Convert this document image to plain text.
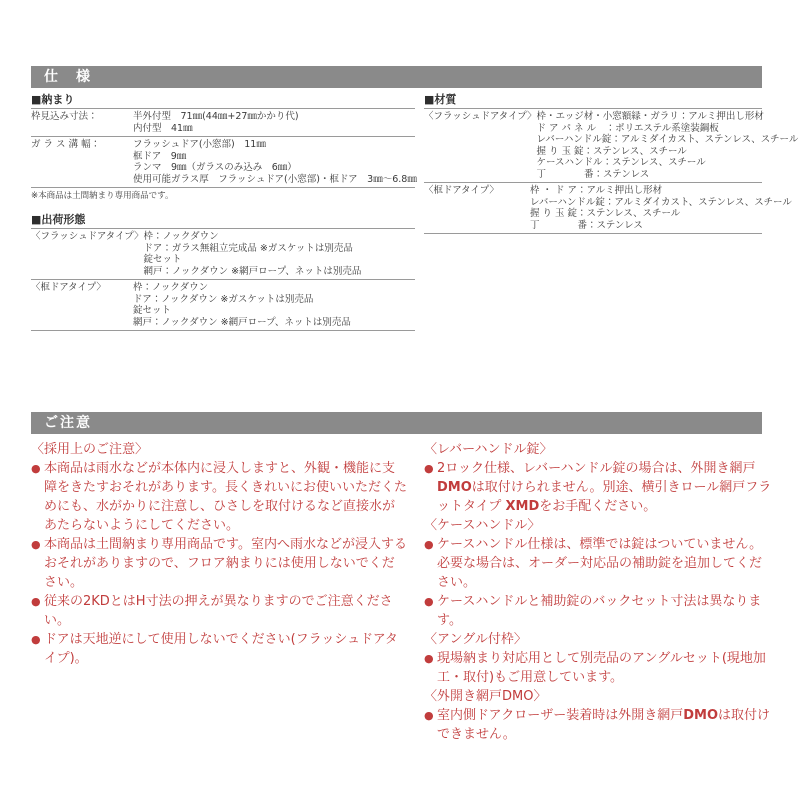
仕　様
■納まり
枠見込み寸法：	半外付型　71㎜(44㎜+27㎜かかり代)
内付型　41㎜
ガ ラ ス 溝 幅：	フラッシュドア(小窓部)　11㎜
框ドア　9㎜
ランマ　9㎜（ガラスのみ込み　6㎜）
使用可能ガラス厚　フラッシュドア(小窓部)・框ドア　3㎜〜6.8㎜
※本商品は土間納まり専用商品です。
■出荷形態
〈フラッシュドアタイプ〉 枠：ノックダウン
ドア：ガラス無組立完成品 ※ガスケットは別売品
錠セット
網戸：ノックダウン ※網戸ロープ、ネットは別売品
〈框ドアタイプ〉	枠：ノックダウン
ドア：ノックダウン ※ガスケットは別売品
錠セット
網戸：ノックダウン ※網戸ロープ、ネットは別売品
■材質
〈フラッシュドアタイプ〉 枠・エッジ材・小窓額縁・ガラリ：アルミ押出し形材
ド ア パ ネ ル　：ポリエステル系塗装鋼板
レバーハンドル錠：アルミダイカスト、ステンレス、スチール
握 り 玉 錠：ステンレス、スチール
ケースハンドル：ステンレス、スチール
丁　　　　番：ステンレス
〈框ドアタイプ〉	枠 ・ ド ア：アルミ押出し形材
レバーハンドル錠：アルミダイカスト、ステンレス、スチール
握 り 玉 錠：ステンレス、スチール
丁　　　　番：ステンレス
ご注意
〈採用上のご注意〉
● 本商品は雨水などが本体内に浸入しますと、外観・機能に支障をきたすおそれがあります。長くきれいにお使いいただくためにも、水がかりに注意し、ひさしを取付けるなど直接水があたらないようにしてください。
● 本商品は土間納まり専用商品です。室内へ雨水などが浸入するおそれがありますので、フロア納まりには使用しないでください。
● 従来の2KDとはH寸法の押えが異なりますのでご注意ください。
● ドアは天地逆にして使用しないでください(フラッシュドアタイプ)。
〈レバーハンドル錠〉
● 2ロック仕様、レバーハンドル錠の場合は、外開き網戸DMOは取付けられません。別途、横引きロール網戸フラットタイプ XMDをお手配ください。
〈ケースハンドル〉
● ケースハンドル仕様は、標準では錠はついていません。必要な場合は、オーダー対応品の補助錠を追加してください。
● ケースハンドルと補助錠のバックセット寸法は異なります。
〈アングル付枠〉
● 現場納まり対応用として別売品のアングルセット(現地加工・取付)もご用意しています。
〈外開き網戸DMO〉
● 室内側ドアクローザー装着時は外開き網戸DMOは取付けできません。
